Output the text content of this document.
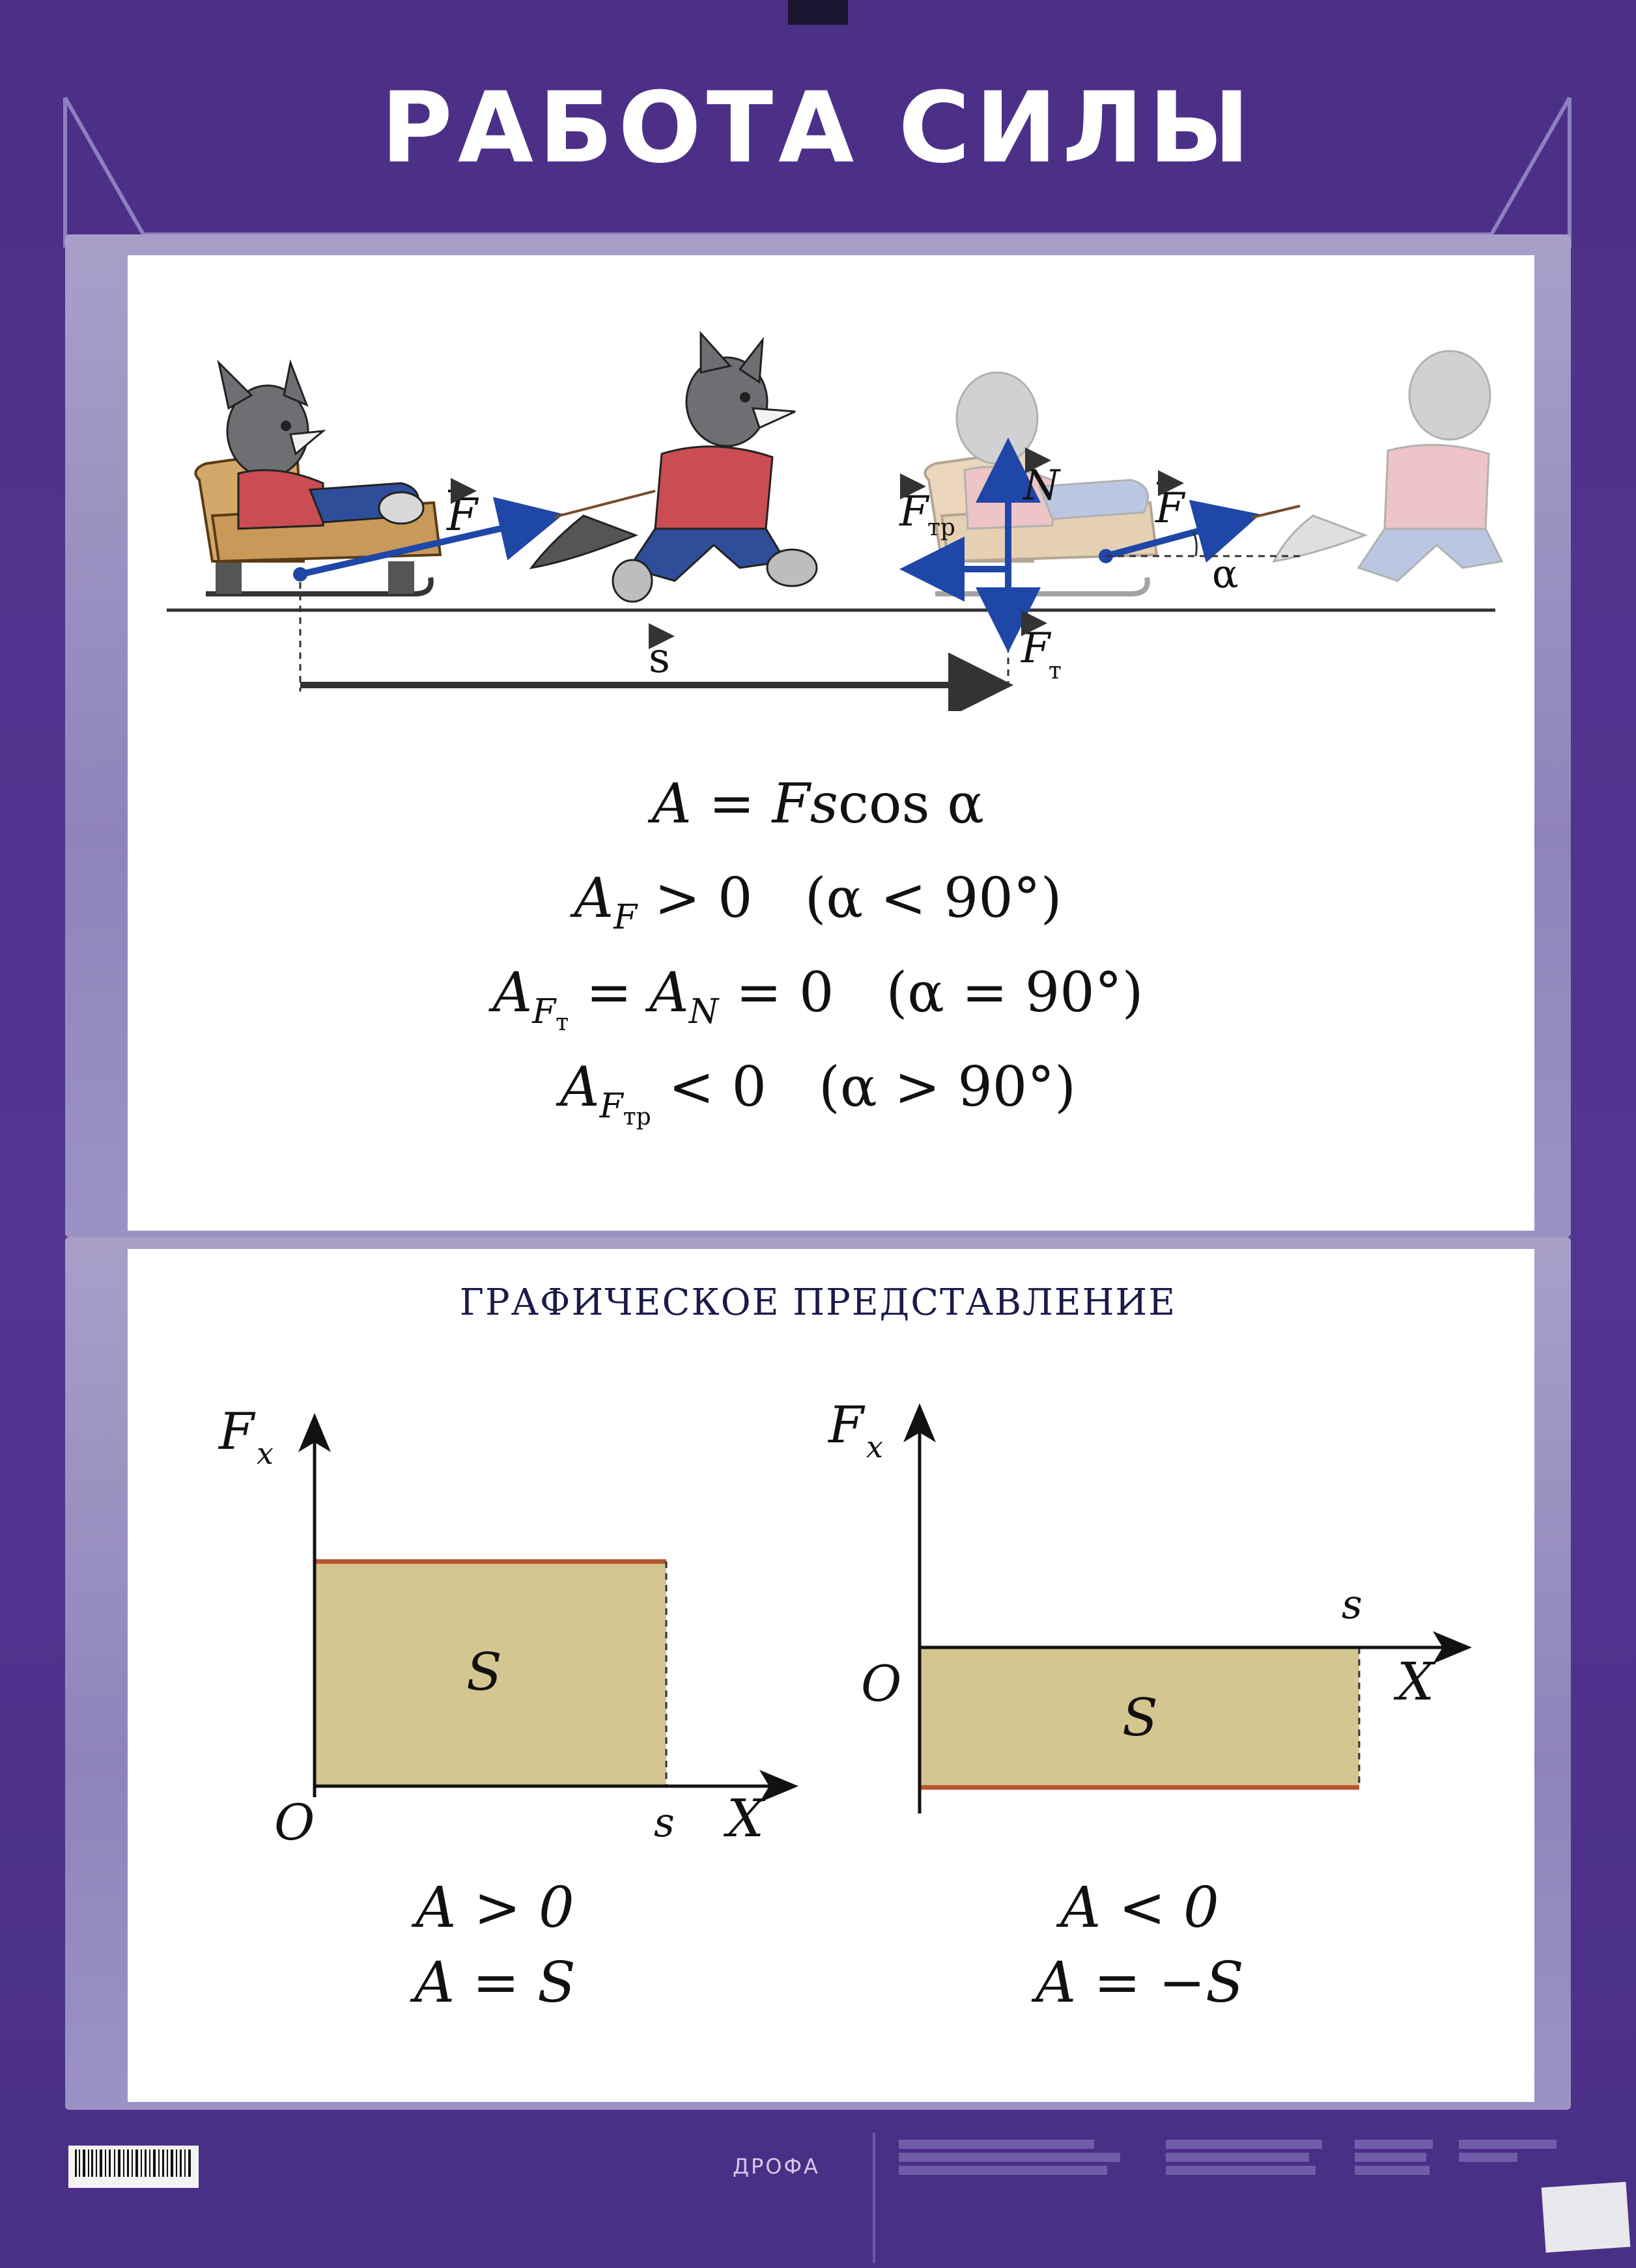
РАБОТА СИЛЫ
F
s
N
F
тр
F
т
F
α
A = Fscos α
$A_F > 0$   (α < 90°)
$A_{F_т} = A_N = 0$   (α = 90°)
$A_{F_{тр}} < 0$   (α > 90°)
ГРАФИЧЕСКОЕ ПРЕДСТАВЛЕНИЕ
F x
S
O	s X
F x
S
O
s
X
A > 0
A = S
A < 0
A = −S
ДРОФА
